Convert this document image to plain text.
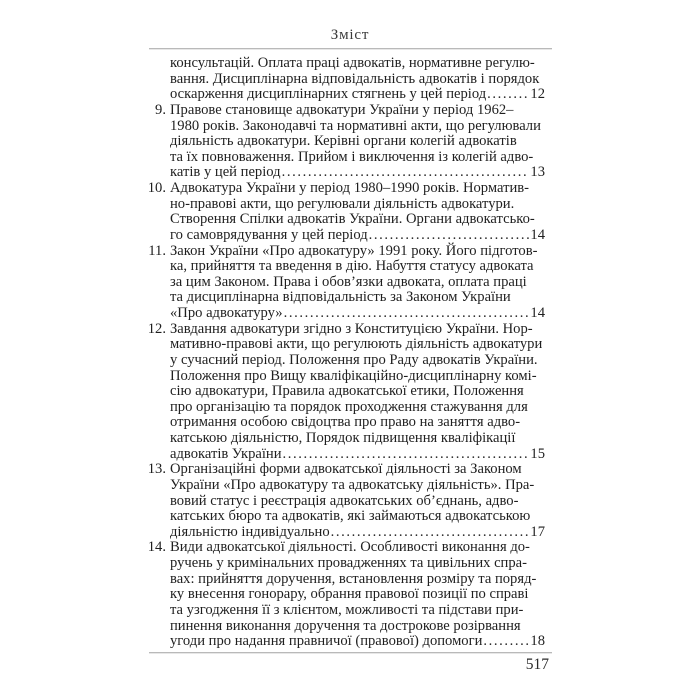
Зміст
консультацій. Оплата праці адвокатів, нормативне регулю-
вання. Дисциплінарна відповідальність адвокатів і порядок
оскарження дисциплінарних стягнень у цей період .....	12
9. Правове становище адвокатури України у період 1962–
1980 років. Законодавчі та нормативні акти, що регулювали
діяльність адвокатури. Керівні органи колегій адвокатів
та їх повноваження. Прийом і виключення із колегій адво-
катів у цей період .....	13
10. Адвокатура України у період 1980–1990 років. Норматив-
но-правові акти, що регулювали діяльність адвокатури.
Створення Спілки адвокатів України. Органи адвокатсько-
го самоврядування у цей період .....	14
11. Закон України «Про адвокатуру» 1991 року. Його підготов-
ка, прийняття та введення в дію. Набуття статусу адвоката
за цим Законом. Права і обов’язки адвоката, оплата праці
та дисциплінарна відповідальність за Законом України
«Про адвокатуру» .....	14
12. Завдання адвокатури згідно з Конституцією України. Нор-
мативно-правові акти, що регулюють діяльність адвокатури
у сучасний період. Положення про Раду адвокатів України.
Положення про Вищу кваліфікаційно-дисциплінарну комі-
сію адвокатури, Правила адвокатської етики, Положення
про організацію та порядок проходження стажування для
отримання особою свідоцтва про право на заняття адво-
катською діяльністю, Порядок підвищення кваліфікації
адвокатів України .....	15
13. Організаційні форми адвокатської діяльності за Законом
України «Про адвокатуру та адвокатську діяльність». Пра-
вовий статус і реєстрація адвокатських об’єднань, адво-
катських бюро та адвокатів, які займаються адвокатською
діяльністю індивідуально .....	17
14. Види адвокатської діяльності. Особливості виконання до-
ручень у кримінальних провадженнях та цивільних спра-
вах: прийняття доручення, встановлення розміру та поряд-
ку внесення гонорару, обрання правової позиції по справі
та узгодження її з клієнтом, можливості та підстави при-
пинення виконання доручення та дострокове розірвання
угоди про надання правничої (правової) допомоги .....	18
517
